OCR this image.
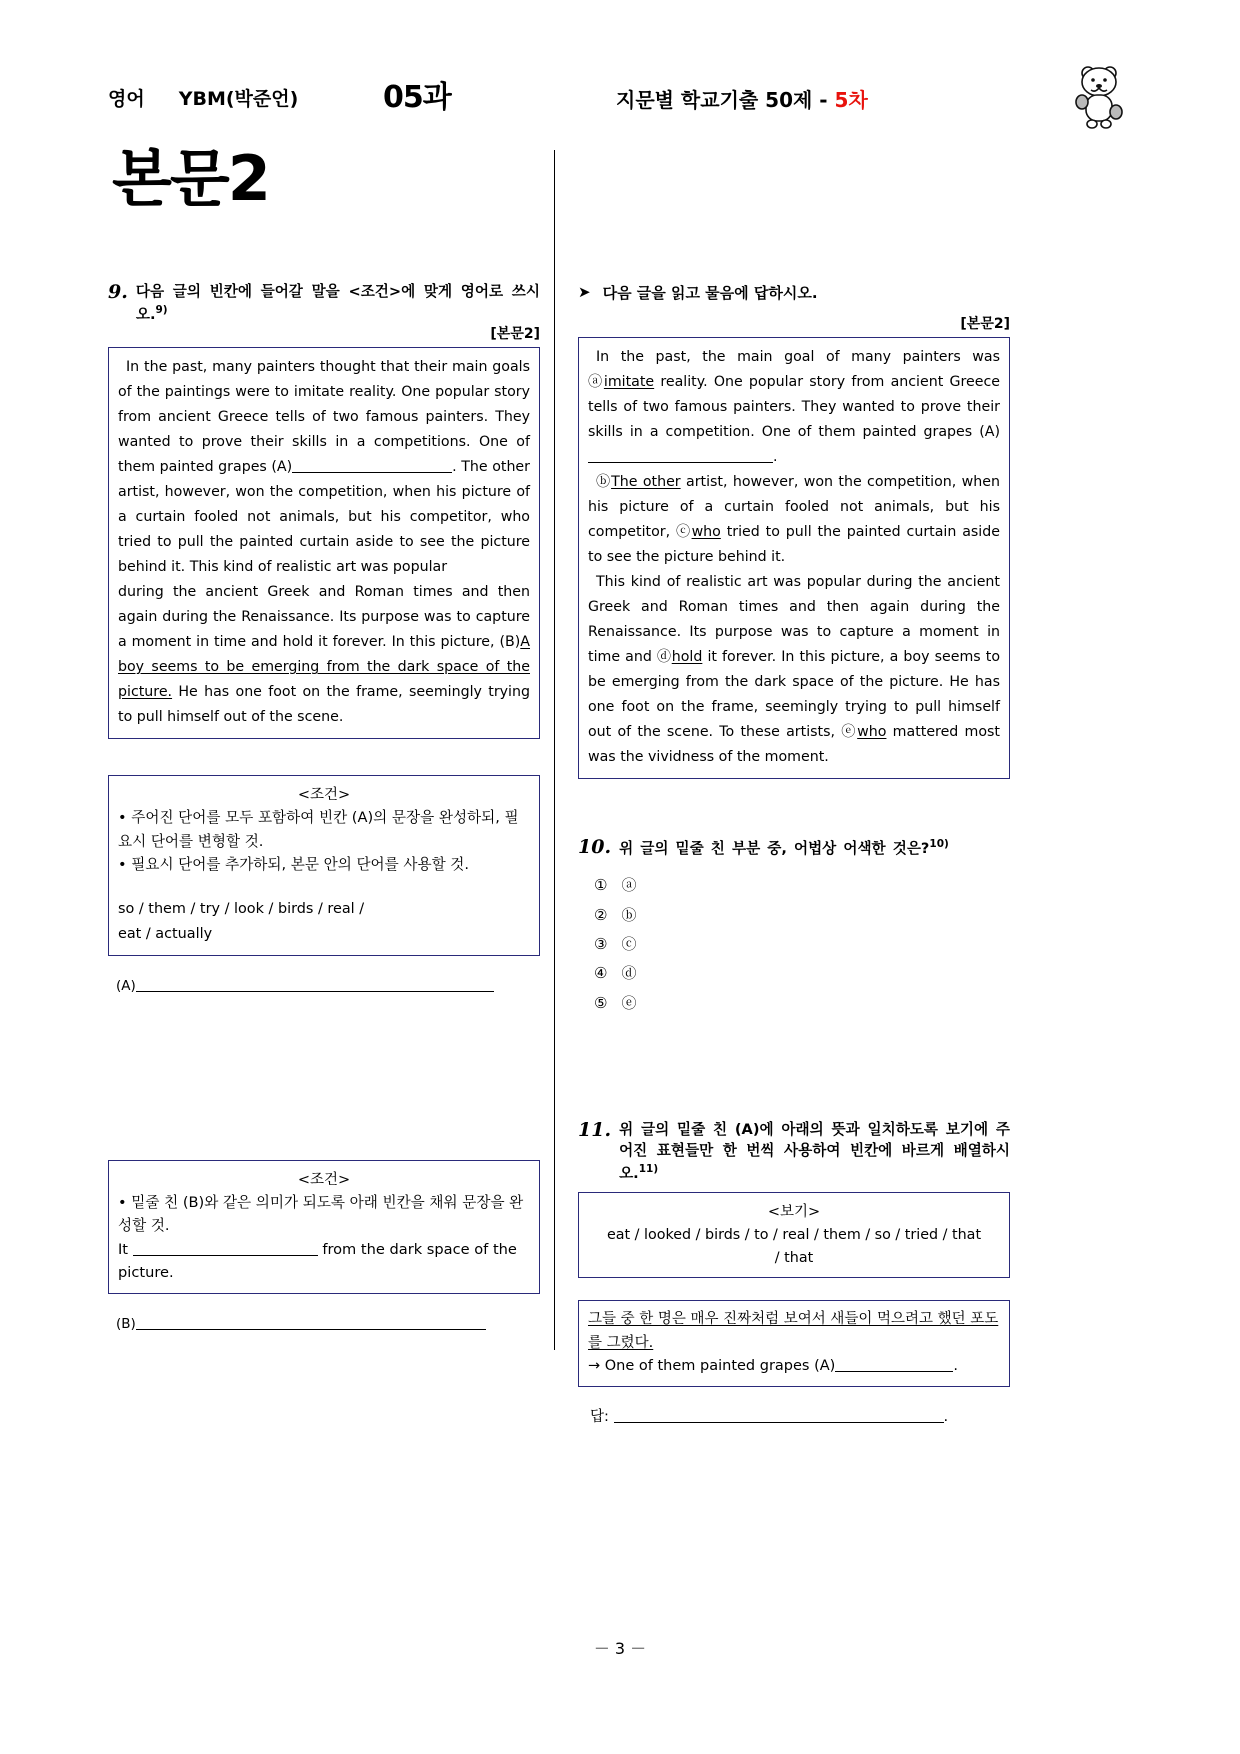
영어 YBM(박준언)	05과	지문별 학교기출 50제 - 5차
본문2
9. 다음 글의 빈칸에 들어갈 말을 <조건>에 맞게 영어로 쓰시오.$^{9)}$
[본문2]

In the past, many painters thought that their main goals of the paintings were to imitate reality. One popular story from ancient Greece tells of two famous painters. They wanted to prove their skills in a competitions. One of them painted grapes (A)	. The other artist, however, won the competition, when his picture of a curtain fooled not animals, but his competitor, who tried to pull the painted curtain aside to see the picture behind it. This kind of realistic art was popular

during the ancient Greek and Roman times and then again during the Renaissance. Its purpose was to capture a moment in time and hold it forever. In this picture, (B)A boy seems to be emerging from the dark space of the picture. He has one foot on the frame, seemingly trying to pull himself out of the scene.

<조건>

• 주어진 단어를 모두 포함하여 빈칸 (A)의 문장을 완성하되, 필요시 단어를 변형할 것.

• 필요시 단어를 추가하되, 본문 안의 단어를 사용할 것.

so / them / try / look / birds / real /

eat / actually

(A)
<조건>

• 밑줄 친 (B)와 같은 의미가 되도록 아래 빈칸을 채워 문장을 완성할 것.

It	from the dark space of the picture.

(B)
➤ 다음 글을 읽고 물음에 답하시오.
[본문2]

In the past, the main goal of many painters was ⓐimitate reality. One popular story from ancient Greece tells of two famous painters. They wanted to prove their skills in a competition. One of them painted grapes (A).

ⓑThe other artist, however, won the competition, when his picture of a curtain fooled not animals, but his competitor, ⓒwho tried to pull the painted curtain aside to see the picture behind it.

This kind of realistic art was popular during the ancient Greek and Roman times and then again during the Renaissance. Its purpose was to capture a moment in time and ⓓhold it forever. In this picture, a boy seems to be emerging from the dark space of the picture. He has one foot on the frame, seemingly trying to pull himself out of the scene. To these artists, ⓔwho mattered most was the vividness of the moment.

10. 위 글의 밑줄 친 부분 중, 어법상 어색한 것은?$^{10)}$
① ⓐ
② ⓑ
③ ⓒ
④ ⓓ
⑤ ⓔ
11. 위 글의 밑줄 친 (A)에 아래의 뜻과 일치하도록 보기에 주어진 표현들만 한 번씩 사용하여 빈칸에 바르게 배열하시오.$^{11)}$
<보기>
eat / looked / birds / to / real / them / so / tried / that
/ that

그들 중 한 명은 매우 진짜처럼 보여서 새들이 먹으려고 했던 포도를 그렸다.

→ One of them painted grapes (A)	.

답:	.
－ 3 －
